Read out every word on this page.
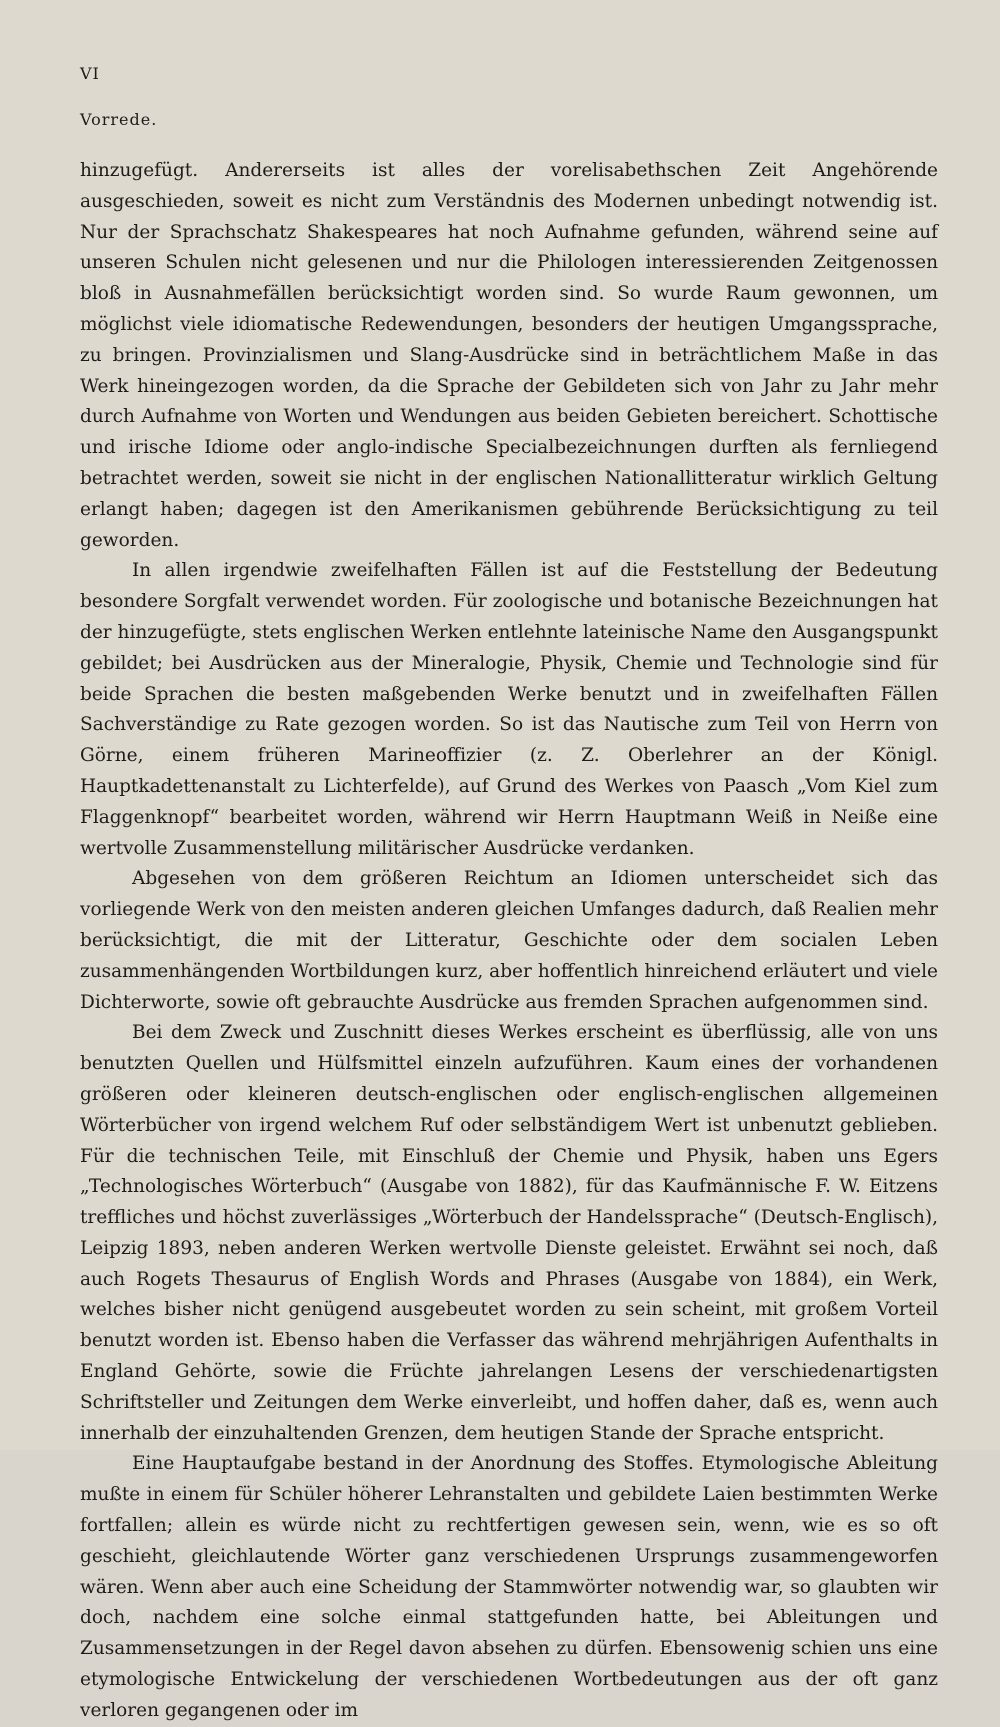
VI
Vorrede.

hinzugefügt. Andererseits ist alles der vorelisabethschen Zeit Angehörende ausgeschieden, soweit es nicht zum Verständnis des Modernen unbedingt notwendig ist. Nur der Sprachschatz Shakespeares hat noch Aufnahme gefunden, während seine auf unseren Schulen nicht gelesenen und nur die Philologen interessierenden Zeitgenossen bloß in Ausnahmefällen berücksichtigt worden sind. So wurde Raum gewonnen, um möglichst viele idiomatische Redewendungen, besonders der heutigen Umgangssprache, zu bringen. Provinzialismen und Slang-Ausdrücke sind in beträchtlichem Maße in das Werk hineingezogen worden, da die Sprache der Gebildeten sich von Jahr zu Jahr mehr durch Aufnahme von Worten und Wendungen aus beiden Gebieten bereichert. Schottische und irische Idiome oder anglo-indische Specialbezeichnungen durften als fernliegend betrachtet werden, soweit sie nicht in der englischen Nationallitteratur wirklich Geltung erlangt haben; dagegen ist den Amerikanismen gebührende Berücksichtigung zu teil geworden.

In allen irgendwie zweifelhaften Fällen ist auf die Feststellung der Bedeutung besondere Sorgfalt verwendet worden. Für zoologische und botanische Bezeichnungen hat der hinzugefügte, stets englischen Werken entlehnte lateinische Name den Ausgangspunkt gebildet; bei Ausdrücken aus der Mineralogie, Physik, Chemie und Technologie sind für beide Sprachen die besten maßgebenden Werke benutzt und in zweifelhaften Fällen Sachverständige zu Rate gezogen worden. So ist das Nautische zum Teil von Herrn von Görne, einem früheren Marineoffizier (z. Z. Oberlehrer an der Königl. Hauptkadettenanstalt zu Lichterfelde), auf Grund des Werkes von Paasch „Vom Kiel zum Flaggenknopf“ bearbeitet worden, während wir Herrn Hauptmann Weiß in Neiße eine wertvolle Zusammenstellung militärischer Ausdrücke verdanken.

Abgesehen von dem größeren Reichtum an Idiomen unterscheidet sich das vorliegende Werk von den meisten anderen gleichen Umfanges dadurch, daß Realien mehr berücksichtigt, die mit der Litteratur, Geschichte oder dem socialen Leben zusammenhängenden Wortbildungen kurz, aber hoffentlich hinreichend erläutert und viele Dichterworte, sowie oft gebrauchte Ausdrücke aus fremden Sprachen aufgenommen sind.

Bei dem Zweck und Zuschnitt dieses Werkes erscheint es überflüssig, alle von uns benutzten Quellen und Hülfsmittel einzeln aufzuführen. Kaum eines der vorhandenen größeren oder kleineren deutsch-englischen oder englisch-englischen allgemeinen Wörterbücher von irgend welchem Ruf oder selbständigem Wert ist unbenutzt geblieben. Für die technischen Teile, mit Einschluß der Chemie und Physik, haben uns Egers „Technologisches Wörterbuch“ (Ausgabe von 1882), für das Kaufmännische F. W. Eitzens treffliches und höchst zuverlässiges „Wörterbuch der Handelssprache“ (Deutsch-Englisch), Leipzig 1893, neben anderen Werken wertvolle Dienste geleistet. Erwähnt sei noch, daß auch Rogets Thesaurus of English Words and Phrases (Ausgabe von 1884), ein Werk, welches bisher nicht genügend ausgebeutet worden zu sein scheint, mit großem Vorteil benutzt worden ist. Ebenso haben die Verfasser das während mehrjährigen Aufenthalts in England Gehörte, sowie die Früchte jahrelangen Lesens der verschiedenartigsten Schriftsteller und Zeitungen dem Werke einverleibt, und hoffen daher, daß es, wenn auch innerhalb der einzuhaltenden Grenzen, dem heutigen Stande der Sprache entspricht.

Eine Hauptaufgabe bestand in der Anordnung des Stoffes. Etymologische Ableitung mußte in einem für Schüler höherer Lehranstalten und gebildete Laien bestimmten Werke fortfallen; allein es würde nicht zu rechtfertigen gewesen sein, wenn, wie es so oft geschieht, gleichlautende Wörter ganz verschiedenen Ursprungs zusammengeworfen wären. Wenn aber auch eine Scheidung der Stammwörter notwendig war, so glaubten wir doch, nachdem eine solche einmal stattgefunden hatte, bei Ableitungen und Zusammensetzungen in der Regel davon absehen zu dürfen. Ebensowenig schien uns eine etymologische Entwickelung der verschiedenen Wortbedeutungen aus der oft ganz verloren gegangenen oder im
